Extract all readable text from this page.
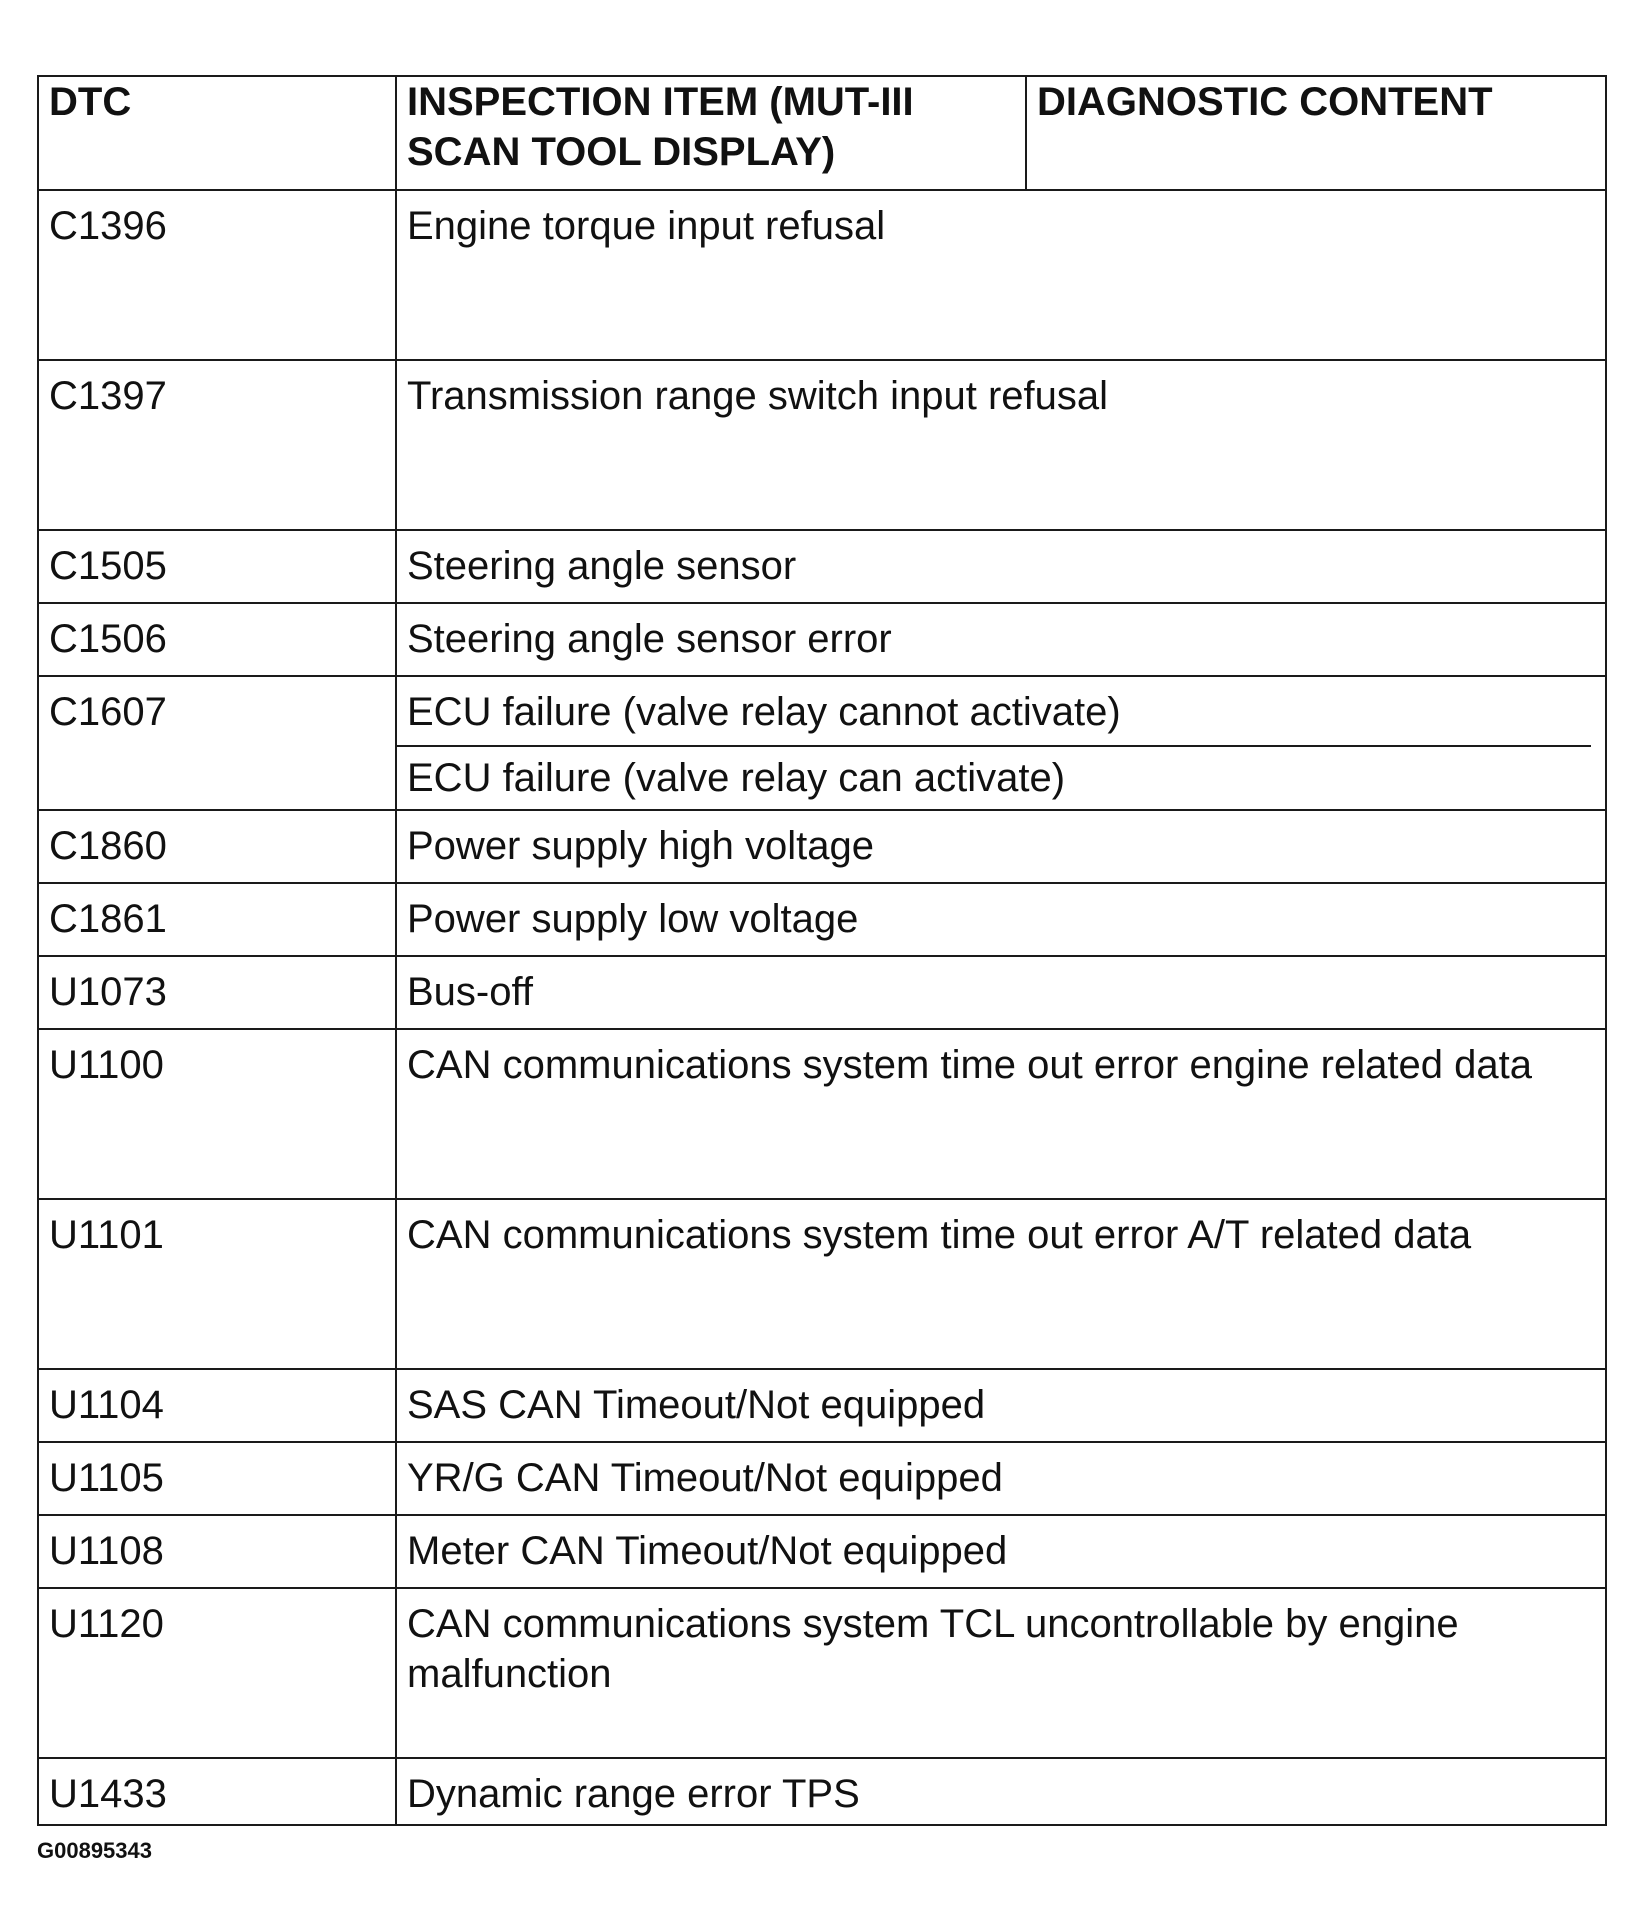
DTC	INSPECTION ITEM (MUT-III SCAN TOOL DISPLAY)	DIAGNOSTIC CONTENT
C1396	Engine torque input refusal	
C1397	Transmission range switch input refusal	
C1505	Steering angle sensor	
C1506	Steering angle sensor error	
C1607	ECU failure (valve relay cannot activate)
ECU failure (valve relay can activate)	

C1860	Power supply high voltage	
C1861	Power supply low voltage	
U1073	Bus-off	
U1100	CAN communications system time out error engine related data	
U1101	CAN communications system time out error A/T related data	
U1104	SAS CAN Timeout/Not equipped	
U1105	YR/G CAN Timeout/Not equipped	
U1108	Meter CAN Timeout/Not equipped	
U1120	CAN communications system TCL uncontrollable by engine malfunction	
U1433	Dynamic range error TPS	
G00895343
